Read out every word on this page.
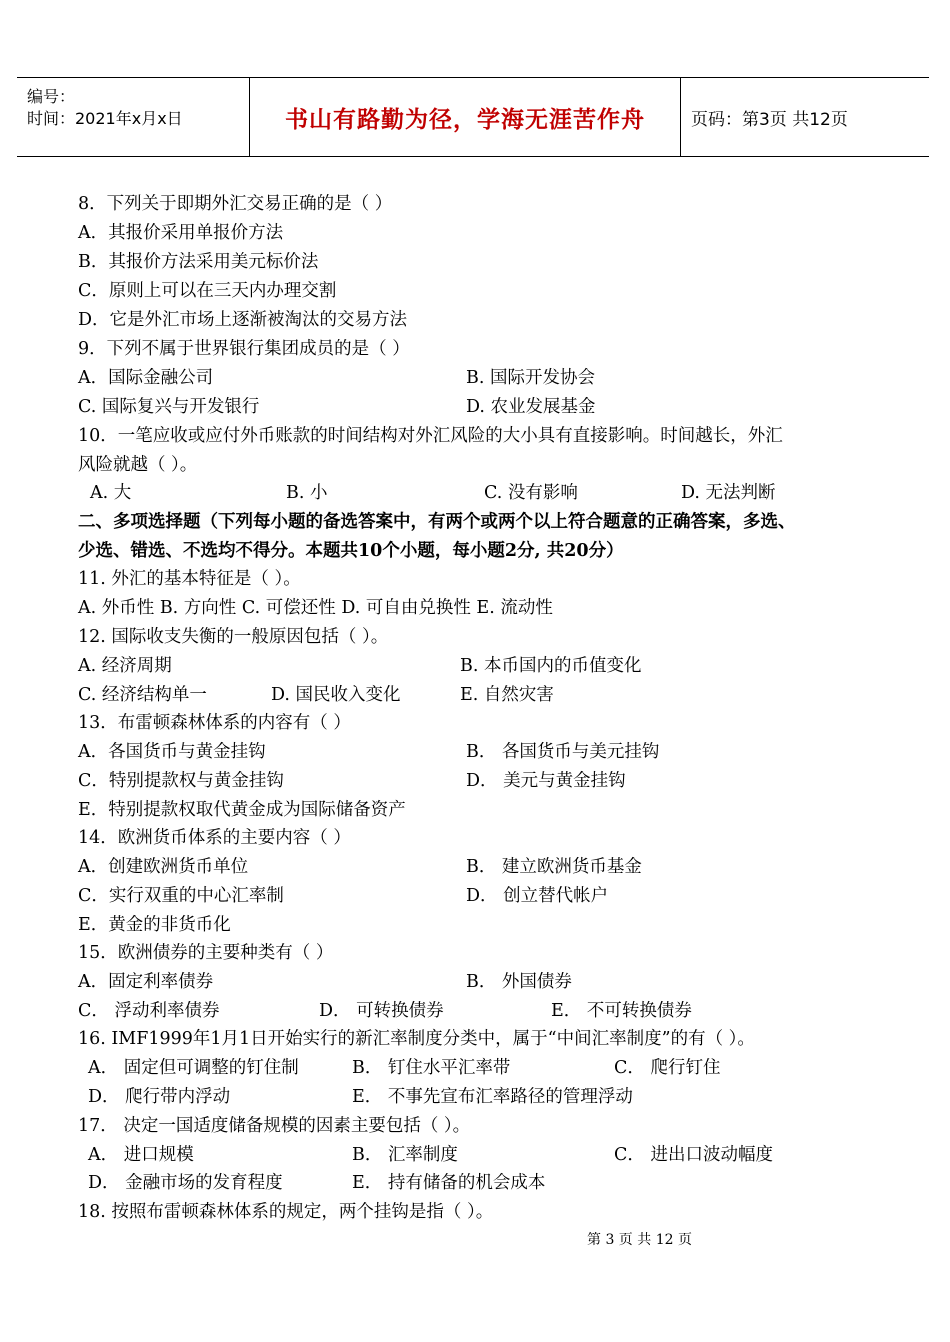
编号：
时间：2021年x月x日	书山有路勤为径，学海无涯苦作舟	页码：第3页 共12页
8．下列关于即期外汇交易正确的是（ ）
A．其报价采用单报价方法
B．其报价方法采用美元标价法
C．原则上可以在三天内办理交割
D．它是外汇市场上逐渐被淘汰的交易方法
9．下列不属于世界银行集团成员的是（ ）
A．国际金融公司	B. 国际开发协会
C. 国际复兴与开发银行	D. 农业发展基金
10．一笔应收或应付外币账款的时间结构对外汇风险的大小具有直接影响。时间越长，外汇
风险就越（ ）。
A. 大	B. 小	C. 没有影响	D. 无法判断
二、多项选择题（下列每小题的备选答案中，有两个或两个以上符合题意的正确答案，多选、
少选、错选、不选均不得分。本题共10个小题，每小题2分, 共20分）
11. 外汇的基本特征是（ ）。
A. 外币性 B. 方向性 C. 可偿还性 D. 可自由兑换性 E. 流动性
12. 国际收支失衡的一般原因包括（ ）。
A. 经济周期	B. 本币国内的币值变化
C. 经济结构单一	D. 国民收入变化	E. 自然灾害
13．布雷顿森林体系的内容有（ ）
A．各国货币与黄金挂钩	B． 各国货币与美元挂钩
C．特别提款权与黄金挂钩	D． 美元与黄金挂钩
E．特别提款权取代黄金成为国际储备资产
14．欧洲货币体系的主要内容（ ）
A．创建欧洲货币单位	B． 建立欧洲货币基金
C．实行双重的中心汇率制	D． 创立替代帐户
E．黄金的非货币化
15．欧洲债券的主要种类有（ ）
A．固定利率债券	B． 外国债券
C． 浮动利率债券	D． 可转换债券	E． 不可转换债券
16. IMF1999年1月1日开始实行的新汇率制度分类中，属于“中间汇率制度”的有（ ）。
A． 固定但可调整的钉住制	B． 钉住水平汇率带	C． 爬行钉住
D． 爬行带内浮动	E． 不事先宣布汇率路径的管理浮动
17． 决定一国适度储备规模的因素主要包括（ ）。
A． 进口规模	B． 汇率制度	C． 进出口波动幅度
D． 金融市场的发育程度	E． 持有储备的机会成本
18. 按照布雷顿森林体系的规定，两个挂钩是指（ ）。
第 3 页 共 12 页
